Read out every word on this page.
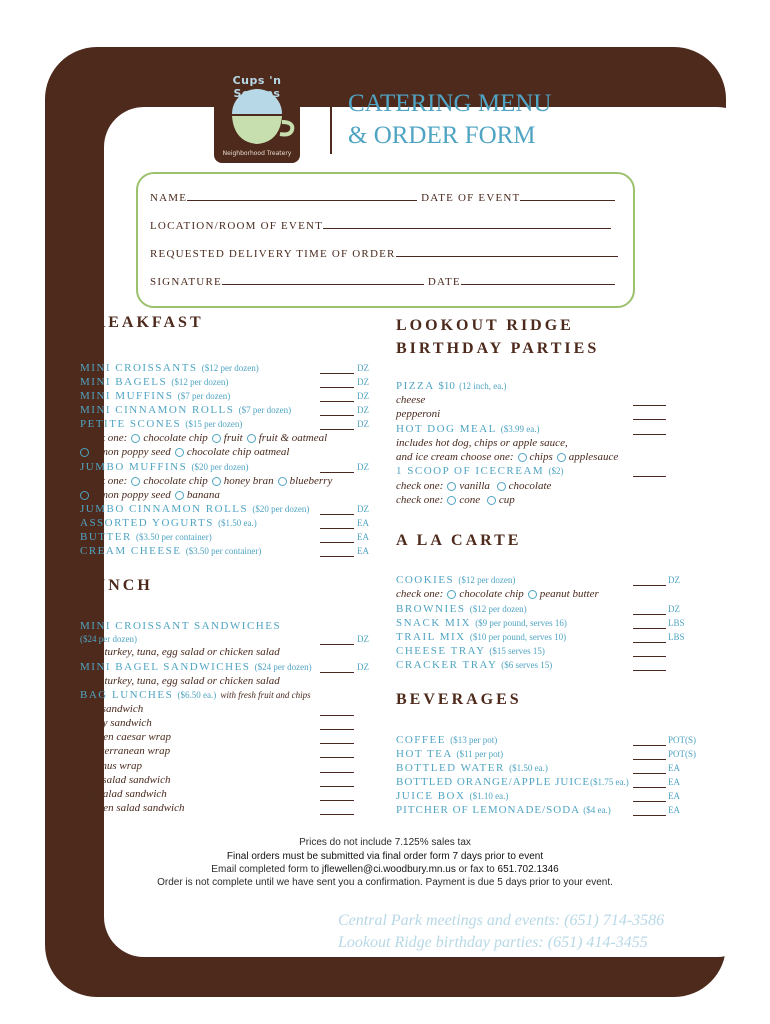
Cups 'n Scoops
Neighborhood Treatery
CATERING MENU
& ORDER FORM
NAME	DATE OF EVENT
LOCATION/ROOM OF EVENT
REQUESTED DELIVERY TIME OF ORDER
SIGNATURE	DATE
BREAKFAST
MINI CROISSANTS ($12 per dozen)	DZ
MINI BAGELS ($12 per dozen)	DZ
MINI MUFFINS ($7 per dozen)	DZ
MINI CINNAMON ROLLS ($7 per dozen)	DZ
PETITE SCONES ($15 per dozen)	DZ
check one: chocolate chip fruit fruit & oatmeal
lemon poppy seed chocolate chip oatmeal
JUMBO MUFFINS ($20 per dozen)	DZ
check one: chocolate chip honey bran blueberry
lemon poppy seed banana
JUMBO CINNAMON ROLLS ($20 per dozen)	DZ
ASSORTED YOGURTS ($1.50 ea.)	EA
BUTTER ($3.50 per container)	EA
CREAM CHEESE ($3.50 per container)	EA
LUNCH
MINI CROISSANT SANDWICHES
($24 per dozen)	DZ
ham, turkey, tuna, egg salad or chicken salad
MINI BAGEL SANDWICHES ($24 per dozen)	DZ
ham, turkey, tuna, egg salad or chicken salad
BAG LUNCHES ($6.50 ea.) with fresh fruit and chips
ham sandwich
turkey sandwich
chicken caesar wrap
mediterranean wrap
hummus wrap
tuna salad sandwich
egg salad sandwich
chicken salad sandwich
LOOKOUT RIDGE
BIRTHDAY PARTIES
PIZZA $10 (12 inch, ea.)
cheese
pepperoni
HOT DOG MEAL ($3.99 ea.)
includes hot dog, chips or apple sauce,
and ice cream choose one: chips applesauce
1 SCOOP OF ICECREAM ($2)
check one: vanilla chocolate
check one: cone cup
A LA CARTE
COOKIES ($12 per dozen)	DZ
check one: chocolate chip peanut butter
BROWNIES ($12 per dozen)	DZ
SNACK MIX ($9 per pound, serves 16)	LBS
TRAIL MIX ($10 per pound, serves 10)	LBS
CHEESE TRAY ($15 serves 15)
CRACKER TRAY ($6 serves 15)
BEVERAGES
COFFEE ($13 per pot)	POT(S)
HOT TEA ($11 per pot)	POT(S)
BOTTLED WATER ($1.50 ea.)	EA
BOTTLED ORANGE/APPLE JUICE($1.75 ea.)	EA
JUICE BOX ($1.10 ea.)	EA
PITCHER OF LEMONADE/SODA ($4 ea.)	EA
Prices do not include 7.125% sales tax
Final orders must be submitted via final order form 7 days prior to event
Email completed form to jflewellen@ci.woodbury.mn.us or fax to 651.702.1346
Order is not complete until we have sent you a confirmation. Payment is due 5 days prior to your event.
Central Park meetings and events: (651) 714-3586
Lookout Ridge birthday parties: (651) 414-3455
